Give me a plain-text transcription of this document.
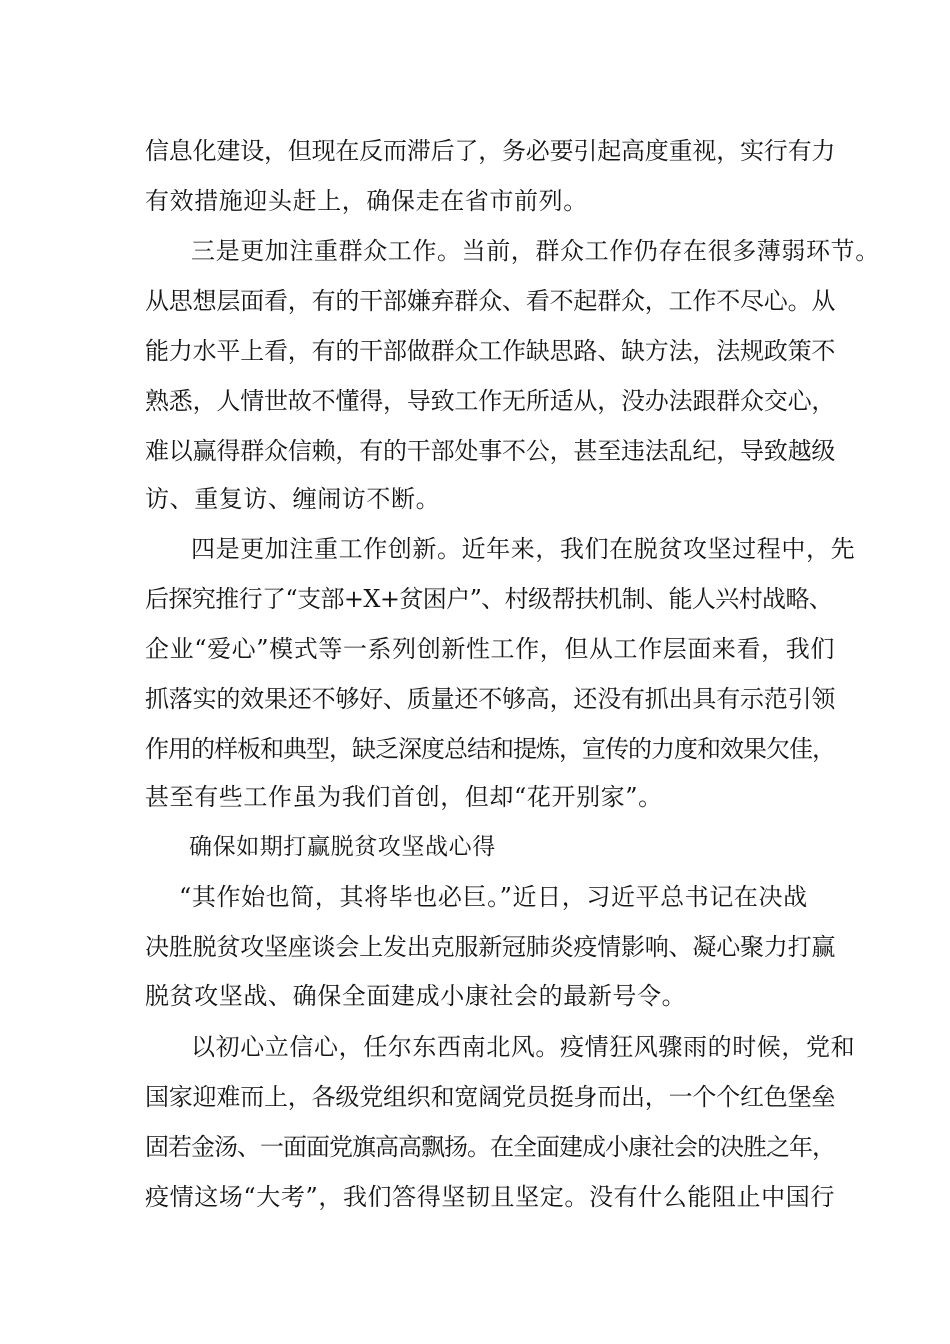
信息化建设，但现在反而滞后了，务必要引起高度重视，实行有力
有效措施迎头赶上，确保走在省市前列。
三是更加注重群众工作。当前，群众工作仍存在很多薄弱环节。
从思想层面看，有的干部嫌弃群众、看不起群众，工作不尽心。从
能力水平上看，有的干部做群众工作缺思路、缺方法，法规政策不
熟悉，人情世故不懂得，导致工作无所适从，没办法跟群众交心，
难以赢得群众信赖，有的干部处事不公，甚至违法乱纪，导致越级
访、重复访、缠闹访不断。
四是更加注重工作创新。近年来，我们在脱贫攻坚过程中，先
后探究推行了“支部+X+贫困户”、村级帮扶机制、能人兴村战略、
企业“爱心”模式等一系列创新性工作，但从工作层面来看，我们
抓落实的效果还不够好、质量还不够高，还没有抓出具有示范引领
作用的样板和典型，缺乏深度总结和提炼，宣传的力度和效果欠佳，
甚至有些工作虽为我们首创，但却“花开别家”。
确保如期打赢脱贫攻坚战心得
“其作始也简，其将毕也必巨。”近日，习近平总书记在决战
决胜脱贫攻坚座谈会上发出克服新冠肺炎疫情影响、凝心聚力打赢
脱贫攻坚战、确保全面建成小康社会的最新号令。
以初心立信心，任尔东西南北风。疫情狂风骤雨的时候，党和
国家迎难而上，各级党组织和宽阔党员挺身而出，一个个红色堡垒
固若金汤、一面面党旗高高飘扬。在全面建成小康社会的决胜之年，
疫情这场“大考”，我们答得坚韧且坚定。没有什么能阻止中国行
